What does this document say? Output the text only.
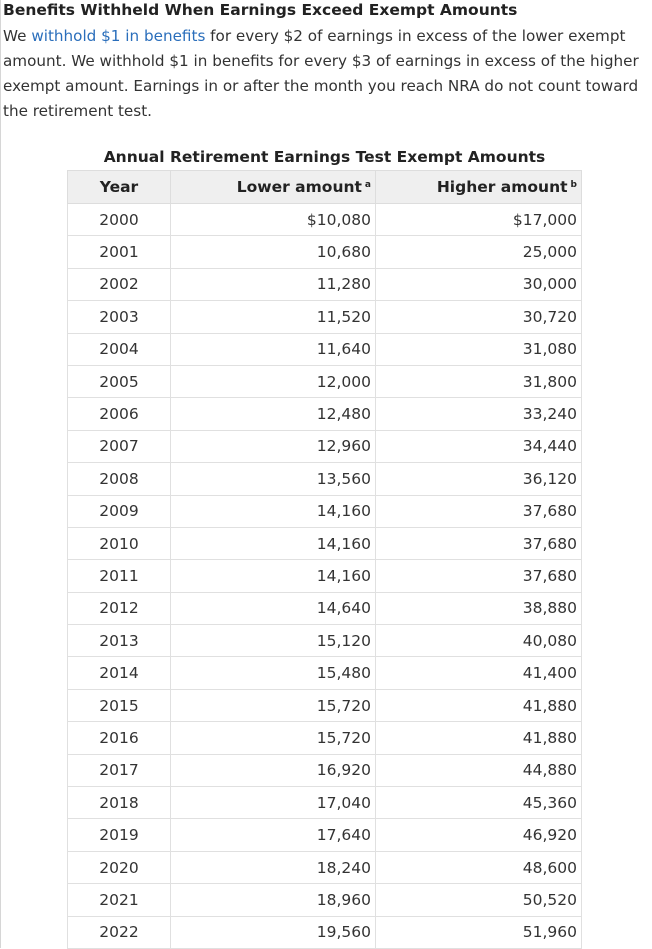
Benefits Withheld When Earnings Exceed Exempt Amounts

We withhold $1 in benefits for every $2 of earnings in excess of the lower exempt amount. We withhold $1 in benefits for every $3 of earnings in excess of the higher exempt amount. Earnings in or after the month you reach NRA do not count toward the retirement test.

Annual Retirement Earnings Test Exempt Amounts
Year	Lower amount $^a$	Higher amount $^b$
2000	$10,080	$17,000
2001	10,680	25,000
2002	11,280	30,000
2003	11,520	30,720
2004	11,640	31,080
2005	12,000	31,800
2006	12,480	33,240
2007	12,960	34,440
2008	13,560	36,120
2009	14,160	37,680
2010	14,160	37,680
2011	14,160	37,680
2012	14,640	38,880
2013	15,120	40,080
2014	15,480	41,400
2015	15,720	41,880
2016	15,720	41,880
2017	16,920	44,880
2018	17,040	45,360
2019	17,640	46,920
2020	18,240	48,600
2021	18,960	50,520
2022	19,560	51,960
